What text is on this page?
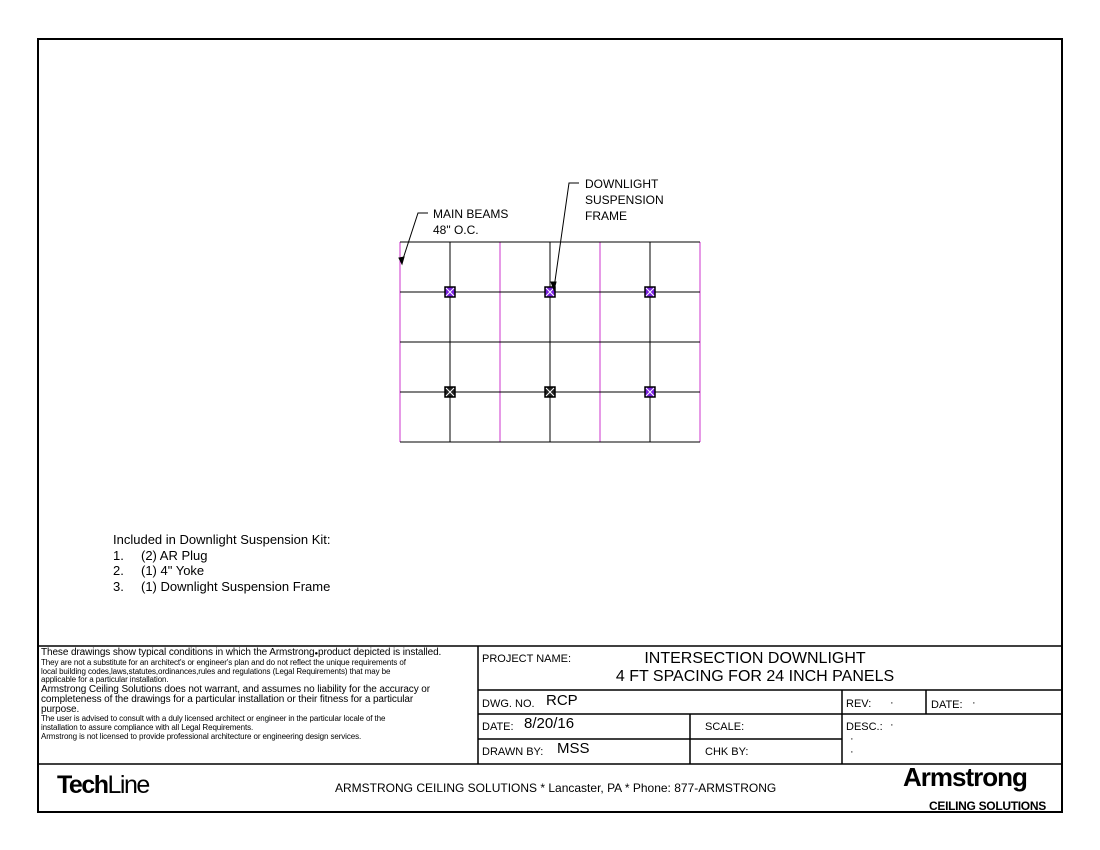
MAIN BEAMS
48" O.C.
DOWNLIGHT
SUSPENSION
FRAME
Included in Downlight Suspension Kit:
1.	(2) AR Plug
2.	(1) 4" Yoke
3.	(1) Downlight Suspension Frame
These drawings show typical conditions in which the Armstrong●product depicted is installed.
They are not a substitute for an architect's or engineer's plan and do not reflect the unique requirements of
local building codes,laws,statutes,ordinances,rules and regulations (Legal Requirements) that may be
applicable for a particular installation.
Armstrong Ceiling Solutions does not warrant, and assumes no liability for the accuracy or
completeness of the drawings for a particular installation or their fitness for a particular
purpose.
The user is advised to consult with a duly licensed architect or engineer in the particular locale of the
installation to assure compliance with all Legal Requirements.
Armstrong is not licensed to provide professional architecture or engineering design services.
PROJECT NAME:	INTERSECTION DOWNLIGHT
4 FT SPACING FOR 24 INCH PANELS
DWG. NO. RCP	REV: ·	DATE: ·
DATE: 8/20/16	SCALE:	DESC.: ·
·
·
DRAWN BY: MSS	CHK BY:
TechLine	ARMSTRONG CEILING SOLUTIONS * Lancaster, PA * Phone: 877-ARMSTRONG	Armstrong
CEILING SOLUTIONS
